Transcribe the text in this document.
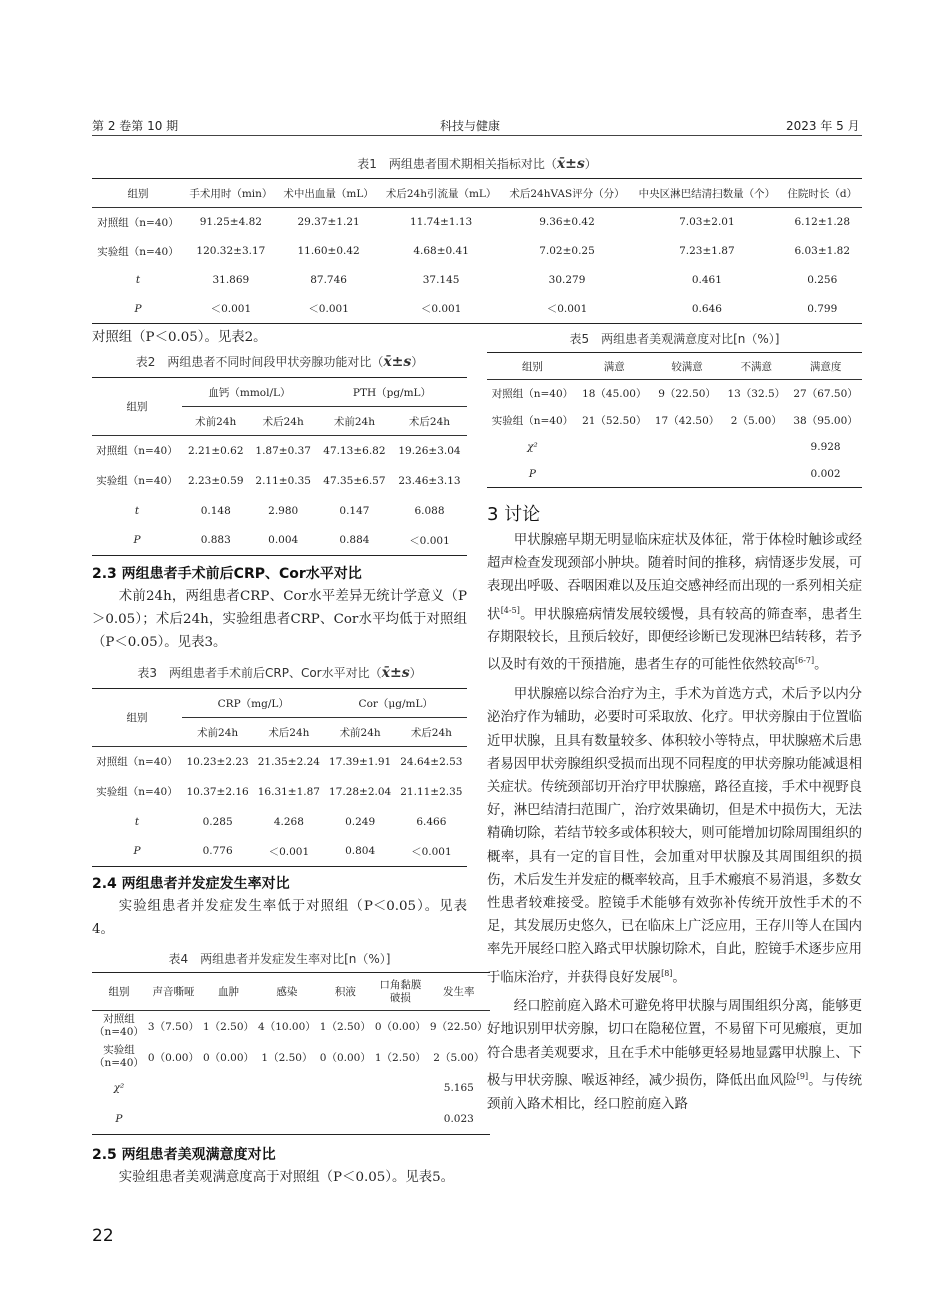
第 2 卷第 10 期	科技与健康	2023 年 5 月
表1　两组患者围术期相关指标对比（x̄±s）
组别	手术用时（min）	术中出血量（mL）	术后24h引流量（mL）	术后24hVAS评分（分）	中央区淋巴结清扫数量（个）	住院时长（d）
对照组（n=40）	91.25±4.82	29.37±1.21	11.74±1.13	9.36±0.42	7.03±2.01	6.12±1.28
实验组（n=40）	120.32±3.17	11.60±0.42	4.68±0.41	7.02±0.25	7.23±1.87	6.03±1.82
t	31.869	87.746	37.145	30.279	0.461	0.256
P	＜0.001	＜0.001	＜0.001	＜0.001	0.646	0.799

对照组（P＜0.05）。见表2。

表2　两组患者不同时间段甲状旁腺功能对比（x̄±s）
组别	血钙（mmol/L）		PTH（pg/mL）	
	术前24h	术后24h	术前24h	术后24h
对照组（n=40）	2.21±0.62	1.87±0.37	47.13±6.82	19.26±3.04
实验组（n=40）	2.23±0.59	2.11±0.35	47.35±6.57	23.46±3.13
t	0.148	2.980	0.147	6.088
P	0.883	0.004	0.884	＜0.001
2.3 两组患者手术前后CRP、Cor水平对比

术前24h，两组患者CRP、Cor水平差异无统计学意义（P＞0.05）；术后24h，实验组患者CRP、Cor水平均低于对照组（P＜0.05）。见表3。

表3　两组患者手术前后CRP、Cor水平对比（x̄±s）
组别	CRP（mg/L）		Cor（μg/mL）	
	术前24h	术后24h	术前24h	术后24h
对照组（n=40）	10.23±2.23	21.35±2.24	17.39±1.91	24.64±2.53
实验组（n=40）	10.37±2.16	16.31±1.87	17.28±2.04	21.11±2.35
t	0.285	4.268	0.249	6.466
P	0.776	＜0.001	0.804	＜0.001
2.4 两组患者并发症发生率对比

实验组患者并发症发生率低于对照组（P＜0.05）。见表4。

表4　两组患者并发症发生率对比[n（%）]
组别	声音嘶哑	血肿	感染	积液	口角黏膜破损	发生率
对照组（n=40）	3（7.50）	1（2.50）	4（10.00）	1（2.50）	0（0.00）	9（22.50）
实验组（n=40）	0（0.00）	0（0.00）	1（2.50）	0（0.00）	1（2.50）	2（5.00）
χ²						5.165
P						0.023
2.5 两组患者美观满意度对比

实验组患者美观满意度高于对照组（P＜0.05）。见表5。

表5　两组患者美观满意度对比[n（%）]
组别	满意	较满意	不满意	满意度
对照组（n=40）	18（45.00）	9（22.50）	13（32.5）	27（67.50）
实验组（n=40）	21（52.50）	17（42.50）	2（5.00）	38（95.00）
χ²				9.928
P				0.002
3 讨论

甲状腺癌早期无明显临床症状及体征，常于体检时触诊或经超声检查发现颈部小肿块。随着时间的推移，病情逐步发展，可表现出呼吸、吞咽困难以及压迫交感神经而出现的一系列相关症状[4-5]。甲状腺癌病情发展较缓慢，具有较高的筛查率，患者生存期限较长，且预后较好，即便经诊断已发现淋巴结转移，若予以及时有效的干预措施，患者生存的可能性依然较高[6-7]。

甲状腺癌以综合治疗为主，手术为首选方式，术后予以内分泌治疗作为辅助，必要时可采取放、化疗。甲状旁腺由于位置临近甲状腺，且具有数量较多、体积较小等特点，甲状腺癌术后患者易因甲状旁腺组织受损而出现不同程度的甲状旁腺功能减退相关症状。传统颈部切开治疗甲状腺癌，路径直接，手术中视野良好，淋巴结清扫范围广，治疗效果确切，但是术中损伤大，无法精确切除，若结节较多或体积较大，则可能增加切除周围组织的概率，具有一定的盲目性，会加重对甲状腺及其周围组织的损伤，术后发生并发症的概率较高，且手术瘢痕不易消退，多数女性患者较难接受。腔镜手术能够有效弥补传统开放性手术的不足，其发展历史悠久，已在临床上广泛应用，王存川等人在国内率先开展经口腔入路式甲状腺切除术，自此，腔镜手术逐步应用于临床治疗，并获得良好发展[8]。

经口腔前庭入路术可避免将甲状腺与周围组织分离，能够更好地识别甲状旁腺，切口在隐秘位置，不易留下可见瘢痕，更加符合患者美观要求，且在手术中能够更轻易地显露甲状腺上、下极与甲状旁腺、喉返神经，减少损伤，降低出血风险[9]。与传统颈前入路术相比，经口腔前庭入路

22
